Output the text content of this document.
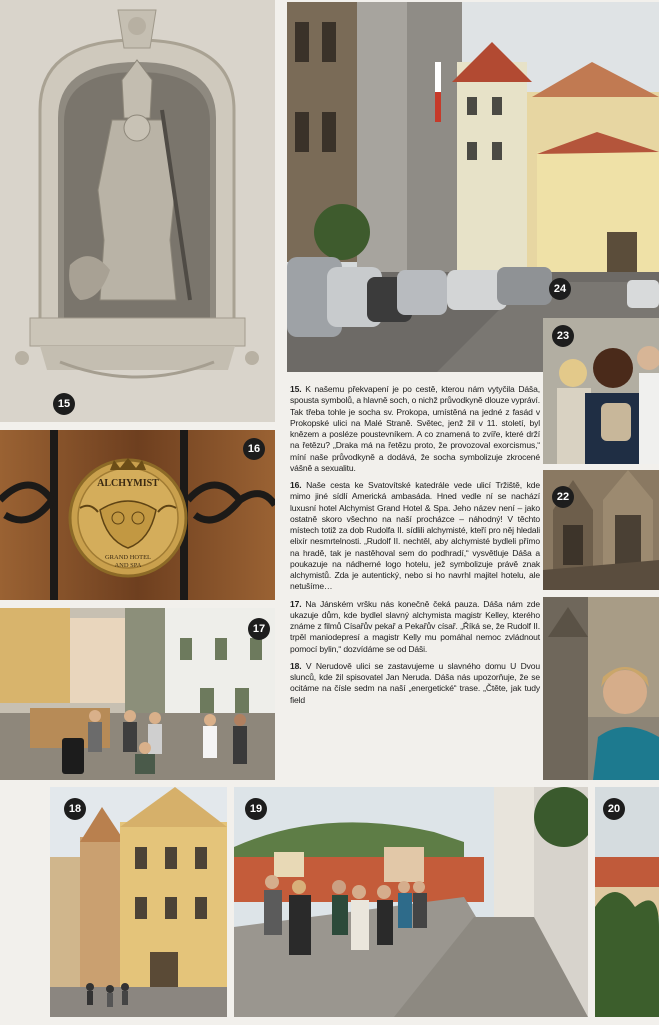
15
24
ALCHYMIST
GRAND HOTEL
AND SPA
16
17

15. K našemu překvapení je po cestě, kterou nám vytyčila Dáša, spousta symbolů, a hlavně soch, o nichž průvodkyně dlouze vypráví. Tak třeba tohle je socha sv. Prokopa, umístěná na jedné z fasád v Prokopské ulici na Malé Straně. Světec, jenž žil v 11. století, byl knězem a posléze poustevníkem. A co znamená to zvíře, které drží na řetězu? „Draka má na řetězu proto, že provozoval exorcismus,“ míní naše průvodkyně a dodává, že socha symbolizuje zkrocené vášně a sexualitu.

16. Naše cesta ke Svatovítské katedrále vede ulicí Tržiště, kde mimo jiné sídlí Americká ambasáda. Hned vedle ní se nachází luxusní hotel Alchymist Grand Hotel & Spa. Jeho název není – jako ostatně skoro všechno na naší procházce – náhodný! V těchto místech totiž za dob Rudolfa II. sídlili alchymisté, kteří pro něj hledali elixír nesmrtelnosti. „Rudolf II. nechtěl, aby alchymisté bydleli přímo na hradě, tak je nastěhoval sem do podhradí,“ vysvětluje Dáša a poukazuje na nádherné logo hotelu, jež symbolizuje právě znak alchymistů. Zda je autentický, nebo si ho navrhl majitel hotelu, ale netušíme…

17. Na Jánském vršku nás konečně čeká pauza. Dáša nám zde ukazuje dům, kde bydlel slavný alchymista magistr Kelley, kterého známe z filmů Císařův pekař a Pekařův císař. „Říká se, že Rudolf II. trpěl maniodepresí a magistr Kelly mu pomáhal nemoc zvládnout pomocí bylin,“ dozvídáme se od Dáši.

18. V Nerudově ulici se zastavujeme u slavného domu U Dvou slunců, kde žil spisovatel Jan Neruda. Dáša nás upozorňuje, že se ocitáme na čísle sedm na naší „energetické“ trase. „Čtěte, jak tudy field

23
22
18	19	20
